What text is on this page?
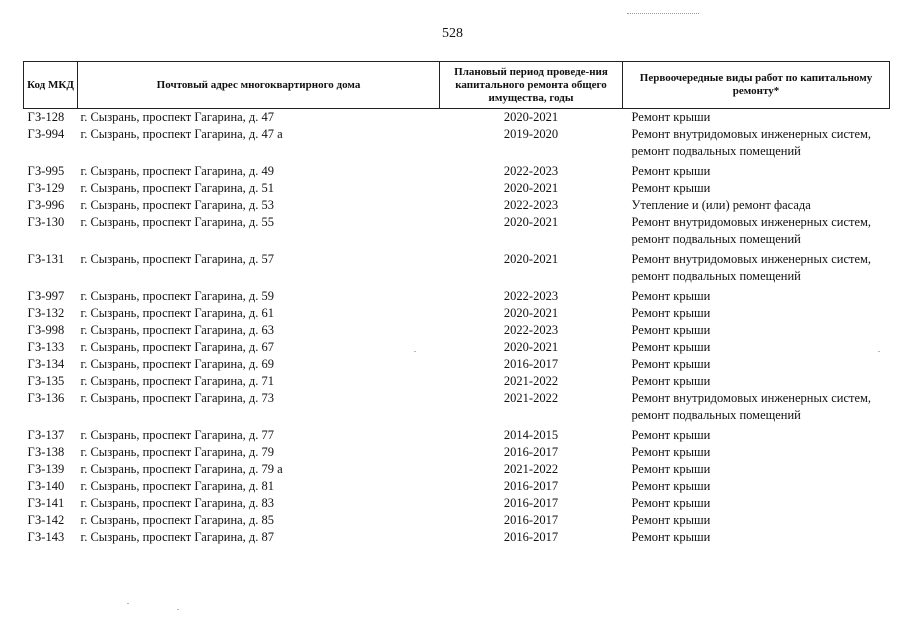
528
Код МКД	Почтовый адрес многоквартирного дома	Плановый период проведе-ния капитального ремонта общего имущества, годы	Первоочередные виды работ по капитальному ремонту*
ГЗ-128	г. Сызрань, проспект Гагарина, д. 47	2020-2021	Ремонт крыши
ГЗ-994	г. Сызрань, проспект Гагарина, д. 47 а	2019-2020	Ремонт внутридомовых инженерных систем, ремонт подвальных помещений
ГЗ-995	г. Сызрань, проспект Гагарина, д. 49	2022-2023	Ремонт крыши
ГЗ-129	г. Сызрань, проспект Гагарина, д. 51	2020-2021	Ремонт крыши
ГЗ-996	г. Сызрань, проспект Гагарина, д. 53	2022-2023	Утепление и (или) ремонт фасада
ГЗ-130	г. Сызрань, проспект Гагарина, д. 55	2020-2021	Ремонт внутридомовых инженерных систем, ремонт подвальных помещений
ГЗ-131	г. Сызрань, проспект Гагарина, д. 57	2020-2021	Ремонт внутридомовых инженерных систем, ремонт подвальных помещений
ГЗ-997	г. Сызрань, проспект Гагарина, д. 59	2022-2023	Ремонт крыши
ГЗ-132	г. Сызрань, проспект Гагарина, д. 61	2020-2021	Ремонт крыши
ГЗ-998	г. Сызрань, проспект Гагарина, д. 63	2022-2023	Ремонт крыши
ГЗ-133	г. Сызрань, проспект Гагарина, д. 67	2020-2021	Ремонт крыши
ГЗ-134	г. Сызрань, проспект Гагарина, д. 69	2016-2017	Ремонт крыши
ГЗ-135	г. Сызрань, проспект Гагарина, д. 71	2021-2022	Ремонт крыши
ГЗ-136	г. Сызрань, проспект Гагарина, д. 73	2021-2022	Ремонт внутридомовых инженерных систем, ремонт подвальных помещений
ГЗ-137	г. Сызрань, проспект Гагарина, д. 77	2014-2015	Ремонт крыши
ГЗ-138	г. Сызрань, проспект Гагарина, д. 79	2016-2017	Ремонт крыши
ГЗ-139	г. Сызрань, проспект Гагарина, д. 79 а	2021-2022	Ремонт крыши
ГЗ-140	г. Сызрань, проспект Гагарина, д. 81	2016-2017	Ремонт крыши
ГЗ-141	г. Сызрань, проспект Гагарина, д. 83	2016-2017	Ремонт крыши
ГЗ-142	г. Сызрань, проспект Гагарина, д. 85	2016-2017	Ремонт крыши
ГЗ-143	г. Сызрань, проспект Гагарина, д. 87	2016-2017	Ремонт крыши
